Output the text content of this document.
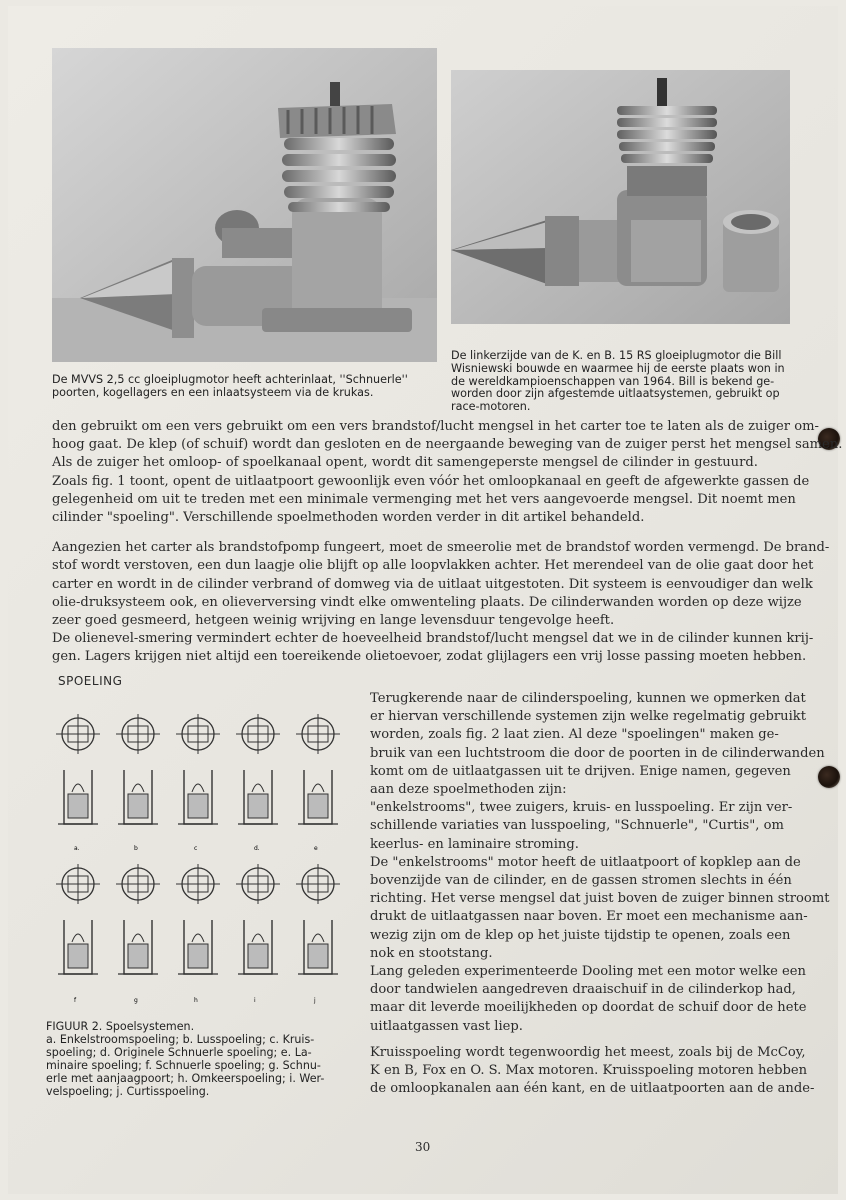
De MVVS 2,5 cc gloeiplugmotor heeft achterinlaat, ''Schnuerle''
poorten, kogellagers en een inlaatsysteem via de krukas.
De linkerzijde van de K. en B. 15 RS gloeiplugmotor die Bill
Wisniewski bouwde en waarmee hij de eerste plaats won in
de wereldkampioenschappen van 1964. Bill is bekend ge-
worden door zijn afgestemde uitlaatsystemen, gebruikt op
race-motoren.
den gebruikt om een vers gebruikt om een vers brandstof/lucht mengsel in het carter toe te laten als de zuiger om-
hoog gaat. De klep (of schuif) wordt dan gesloten en de neergaande beweging van de zuiger perst het mengsel samen.
Als de zuiger het omloop- of spoelkanaal opent, wordt dit samengeperste mengsel de cilinder in gestuurd.
Zoals fig. 1 toont, opent de uitlaatpoort gewoonlijk even vóór het omloopkanaal en geeft de afgewerkte gassen de
gelegenheid om uit te treden met een minimale vermenging met het vers aangevoerde mengsel. Dit noemt men
cilinder "spoeling". Verschillende spoelmethoden worden verder in dit artikel behandeld.
Aangezien het carter als brandstofpomp fungeert, moet de smeerolie met de brandstof worden vermengd. De brand-
stof wordt verstoven, een dun laagje olie blijft op alle loopvlakken achter. Het merendeel van de olie gaat door het
carter en wordt in de cilinder verbrand of domweg via de uitlaat uitgestoten. Dit systeem is eenvoudiger dan welk
olie-druksysteem ook, en olieverversing vindt elke omwenteling plaats. De cilinderwanden worden op deze wijze
zeer goed gesmeerd, hetgeen weinig wrijving en lange levensduur tengevolge heeft.
De olienevel-smering vermindert echter de hoeveelheid brandstof/lucht mengsel dat we in de cilinder kunnen krij-
gen. Lagers krijgen niet altijd een toereikende olietoevoer, zodat glijlagers een vrij losse passing moeten hebben.
SPOELING
a.	b	c	d.	e
f	g	h	i	j
FIGUUR 2. Spoelsystemen.
a. Enkelstroomspoeling; b. Lusspoeling; c. Kruis-
spoeling; d. Originele Schnuerle spoeling; e. La-
minaire spoeling; f. Schnuerle spoeling; g. Schnu-
erle met aanjaagpoort; h. Omkeerspoeling; i. Wer-
velspoeling; j. Curtisspoeling.
Terugkerende naar de cilinderspoeling, kunnen we opmerken dat
er hiervan verschillende systemen zijn welke regelmatig gebruikt
worden, zoals fig. 2 laat zien. Al deze "spoelingen" maken ge-
bruik van een luchtstroom die door de poorten in de cilinderwanden
komt om de uitlaatgassen uit te drijven. Enige namen, gegeven
aan deze spoelmethoden zijn:
"enkelstrooms", twee zuigers, kruis- en lusspoeling. Er zijn ver-
schillende variaties van lusspoeling, "Schnuerle", "Curtis", om
keerlus- en laminaire stroming.
De "enkelstrooms" motor heeft de uitlaatpoort of kopklep aan de
bovenzijde van de cilinder, en de gassen stromen slechts in één
richting. Het verse mengsel dat juist boven de zuiger binnen stroomt
drukt de uitlaatgassen naar boven. Er moet een mechanisme aan-
wezig zijn om de klep op het juiste tijdstip te openen, zoals een
nok en stootstang.
Lang geleden experimenteerde Dooling met een motor welke een
door tandwielen aangedreven draaischuif in de cilinderkop had,
maar dit leverde moeilijkheden op doordat de schuif door de hete
uitlaatgassen vast liep.
Kruisspoeling wordt tegenwoordig het meest, zoals bij de McCoy,
K en B, Fox en O. S. Max motoren. Kruisspoeling motoren hebben
de omloopkanalen aan één kant, en de uitlaatpoorten aan de ande-
30
